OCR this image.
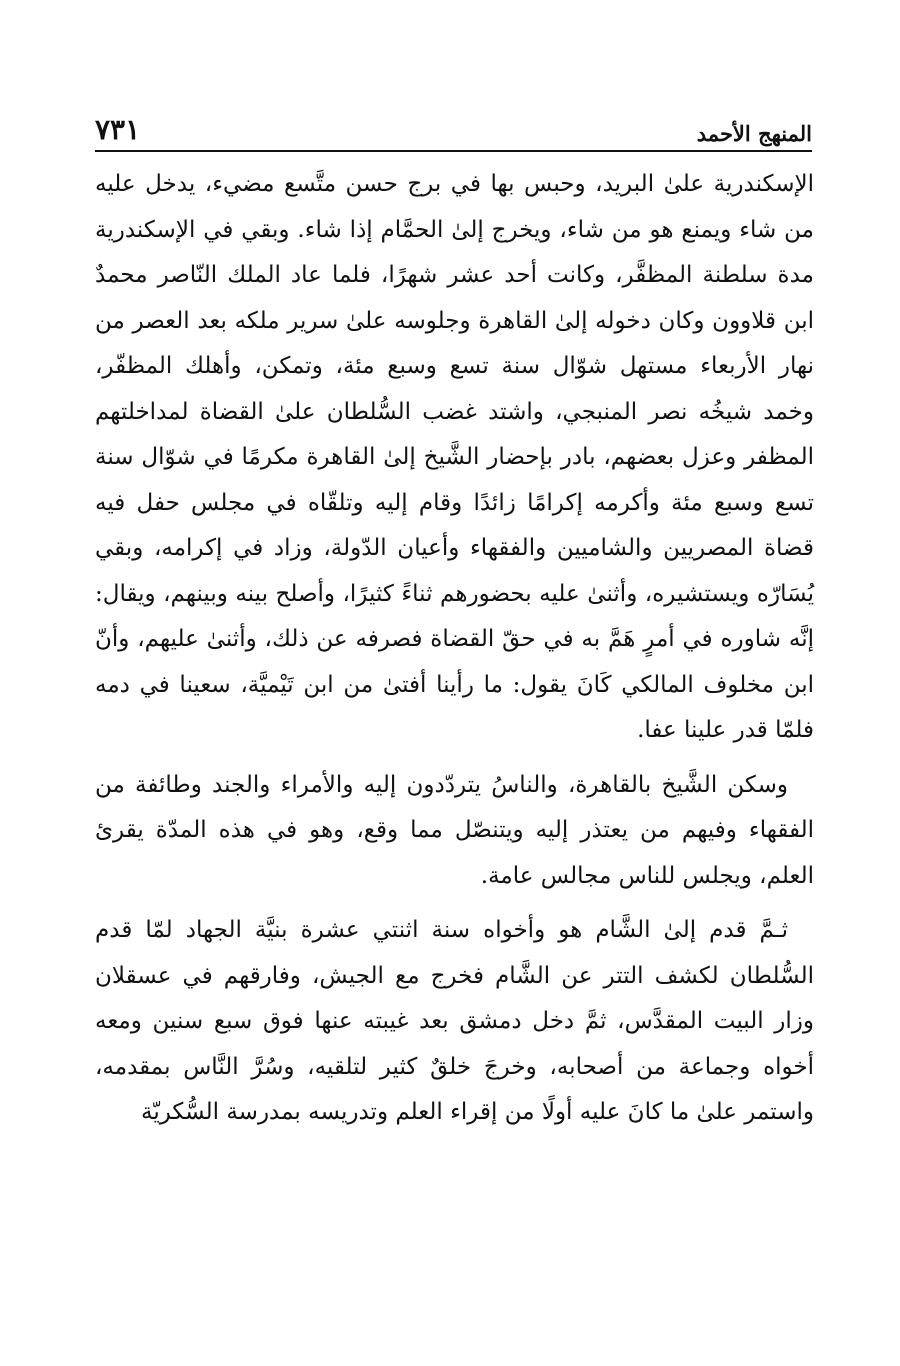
المنهج الأحمد
٧٣١

الإسكندرية علىٰ البريد، وحبس بها في برج حسن متَّسع مضيء، يدخل عليه من شاء ويمنع هو من شاء، ويخرج إلىٰ الحمَّام إذا شاء. وبقي في الإسكندرية مدة سلطنة المظفَّر، وكانت أحد عشر شهرًا، فلما عاد الملك النّاصر محمدٌ ابن قلاوون وكان دخوله إلىٰ القاهرة وجلوسه علىٰ سرير ملكه بعد العصر من نهار الأربعاء مستهل شوّال سنة تسع وسبع مئة، وتمكن، وأهلك المظفّر، وخمد شيخُه نصر المنبجي، واشتد غضب السُّلطان علىٰ القضاة لمداخلتهم المظفر وعزل بعضهم، بادر بإحضار الشَّيخ إلىٰ القاهرة مكرمًا في شوّال سنة تسع وسبع مئة وأكرمه إكرامًا زائدًا وقام إليه وتلقّاه في مجلس حفل فيه قضاة المصريين والشاميين والفقهاء وأعيان الدّولة، وزاد في إكرامه، وبقي يُسَارّه ويستشيره، وأثنىٰ عليه بحضورهم ثناءً كثيرًا، وأصلح بينه وبينهم، ويقال: إنَّه شاوره في أمرٍ هَمَّ به في حقّ القضاة فصرفه عن ذلك، وأثنىٰ عليهم، وأنّ ابن مخلوف المالكي كَانَ يقول: ما رأينا أفتىٰ من ابن تَيْميَّة، سعينا في دمه فلمّا قدر علينا عفا.

وسكن الشَّيخ بالقاهرة، والناسُ يتردّدون إليه والأمراء والجند وطائفة من الفقهاء وفيهم من يعتذر إليه ويتنصّل مما وقع، وهو في هذه المدّة يقرئ العلم، ويجلس للناس مجالس عامة.

ثـمَّ قدم إلىٰ الشَّام هو وأخواه سنة اثنتي عشرة بنيَّة الجهاد لمّا قدم السُّلطان لكشف التتر عن الشَّام فخرج مع الجيش، وفارقهم في عسقلان وزار البيت المقدَّس، ثمَّ دخل دمشق بعد غيبته عنها فوق سبع سنين ومعه أخواه وجماعة من أصحابه، وخرجَ خلقٌ كثير لتلقيه، وسُرَّ النَّاس بمقدمه، واستمر علىٰ ما كانَ عليه أولًا من إقراء العلم وتدريسه بمدرسة السُّكريّة
